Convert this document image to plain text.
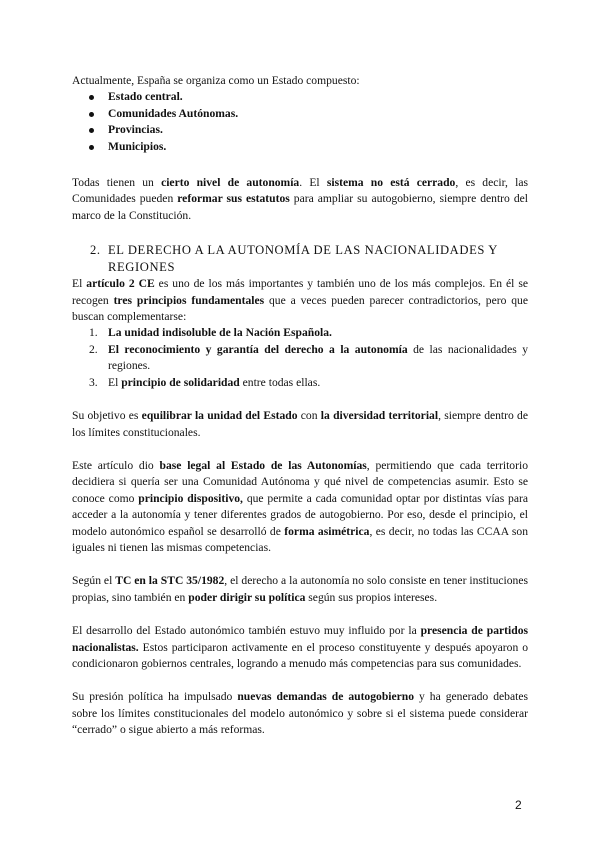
Actualmente, España se organiza como un Estado compuesto:

Estado central.
Comunidades Autónomas.
Provincias.
Municipios.

Todas tienen un cierto nivel de autonomía. El sistema no está cerrado, es decir, las Comunidades pueden reformar sus estatutos para ampliar su autogobierno, siempre dentro del marco de la Constitución.

2. EL DERECHO A LA AUTONOMÍA DE LAS NACIONALIDADES Y REGIONES

El artículo 2 CE es uno de los más importantes y también uno de los más complejos. En él se recogen tres principios fundamentales que a veces pueden parecer contradictorios, pero que buscan complementarse:

1. La unidad indisoluble de la Nación Española.
2. El reconocimiento y garantía del derecho a la autonomía de las nacionalidades y regiones.
3. El principio de solidaridad entre todas ellas.

Su objetivo es equilibrar la unidad del Estado con la diversidad territorial, siempre dentro de los límites constitucionales.

Este artículo dio base legal al Estado de las Autonomías, permitiendo que cada territorio decidiera si quería ser una Comunidad Autónoma y qué nivel de competencias asumir. Esto se conoce como principio dispositivo, que permite a cada comunidad optar por distintas vías para acceder a la autonomía y tener diferentes grados de autogobierno. Por eso, desde el principio, el modelo autonómico español se desarrolló de forma asimétrica, es decir, no todas las CCAA son iguales ni tienen las mismas competencias.

Según el TC en la STC 35/1982, el derecho a la autonomía no solo consiste en tener instituciones propias, sino también en poder dirigir su política según sus propios intereses.

El desarrollo del Estado autonómico también estuvo muy influido por la presencia de partidos nacionalistas. Estos participaron activamente en el proceso constituyente y después apoyaron o condicionaron gobiernos centrales, logrando a menudo más competencias para sus comunidades.

Su presión política ha impulsado nuevas demandas de autogobierno y ha generado debates sobre los límites constitucionales del modelo autonómico y sobre si el sistema puede considerar “cerrado” o sigue abierto a más reformas.

2
